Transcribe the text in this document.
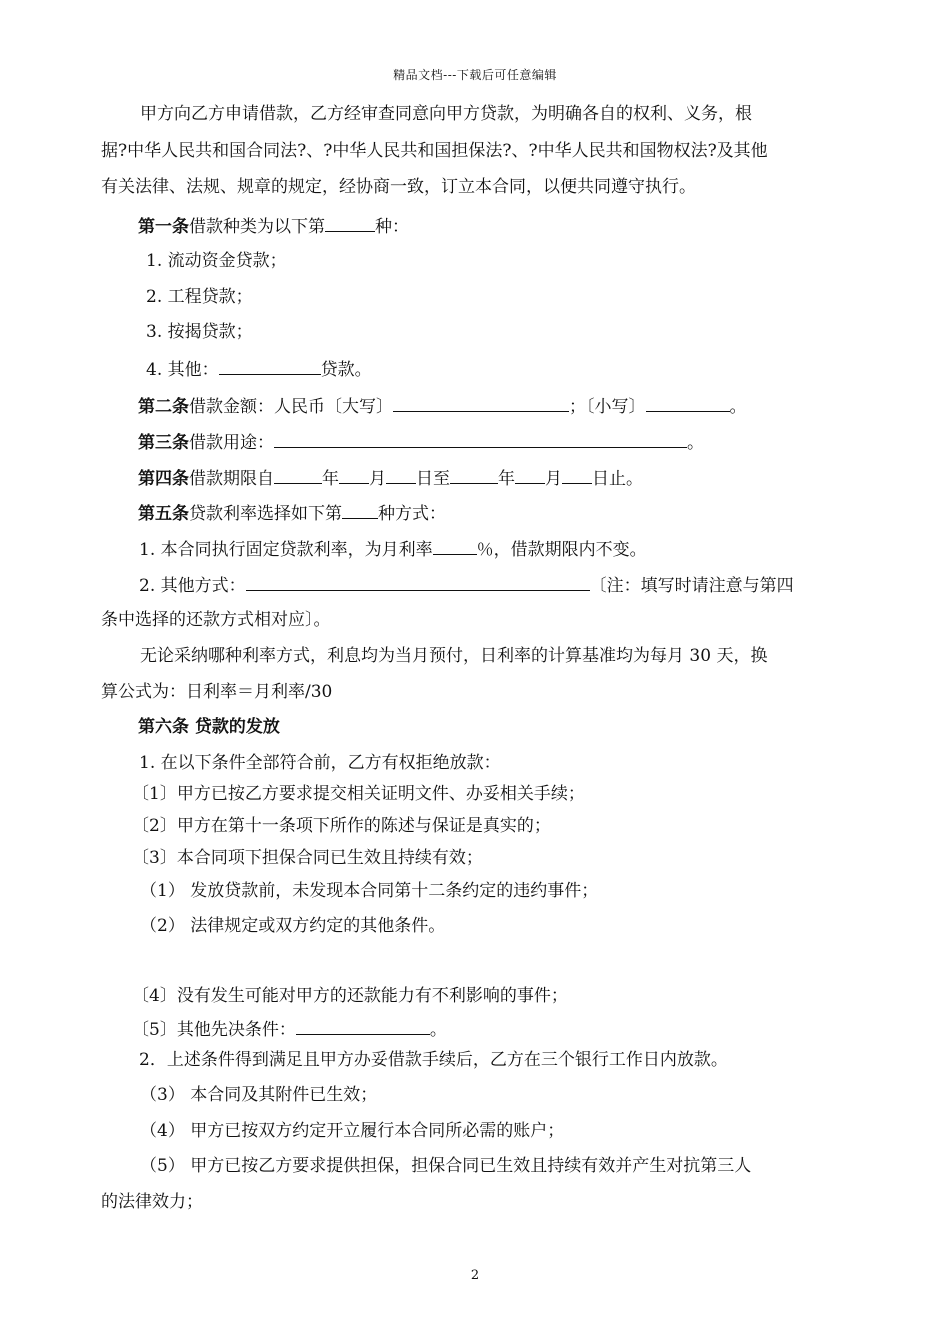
精品文档---下载后可任意编辑
甲方向乙方申请借款，乙方经审查同意向甲方贷款，为明确各自的权利、义务，根
据?中华人民共和国合同法?、?中华人民共和国担保法?、?中华人民共和国物权法?及其他
有关法律、法规、规章的规定，经协商一致，订立本合同，以便共同遵守执行。
第一条借款种类为以下第	种：
1. 流动资金贷款；
2. 工程贷款；
3. 按揭贷款；
4. 其他：	贷款。
第二条借款金额：人民币〔大写〕	；〔小写〕	。
第三条借款用途：	。
第四条借款期限自	年 月 日至	年 月 日止。
第五条贷款利率选择如下第 种方式：
1. 本合同执行固定贷款利率，为月利率	％，借款期限内不变。
2. 其他方式：	〔注：填写时请注意与第四
条中选择的还款方式相对应〕。
无论采纳哪种利率方式，利息均为当月预付，日利率的计算基准均为每月 30 天，换
算公式为：日利率＝月利率/30
第六条 贷款的发放
1. 在以下条件全部符合前，乙方有权拒绝放款：
〔1〕甲方已按乙方要求提交相关证明文件、办妥相关手续；
〔2〕甲方在第十一条项下所作的陈述与保证是真实的；
〔3〕本合同项下担保合同已生效且持续有效；
（1） 发放贷款前，未发现本合同第十二条约定的违约事件；
（2） 法律规定或双方约定的其他条件。
〔4〕没有发生可能对甲方的还款能力有不利影响的事件；
〔5〕其他先决条件：	。
2．上述条件得到满足且甲方办妥借款手续后，乙方在三个银行工作日内放款。
（3） 本合同及其附件已生效；
（4） 甲方已按双方约定开立履行本合同所必需的账户；
（5） 甲方已按乙方要求提供担保，担保合同已生效且持续有效并产生对抗第三人
的法律效力；
2
